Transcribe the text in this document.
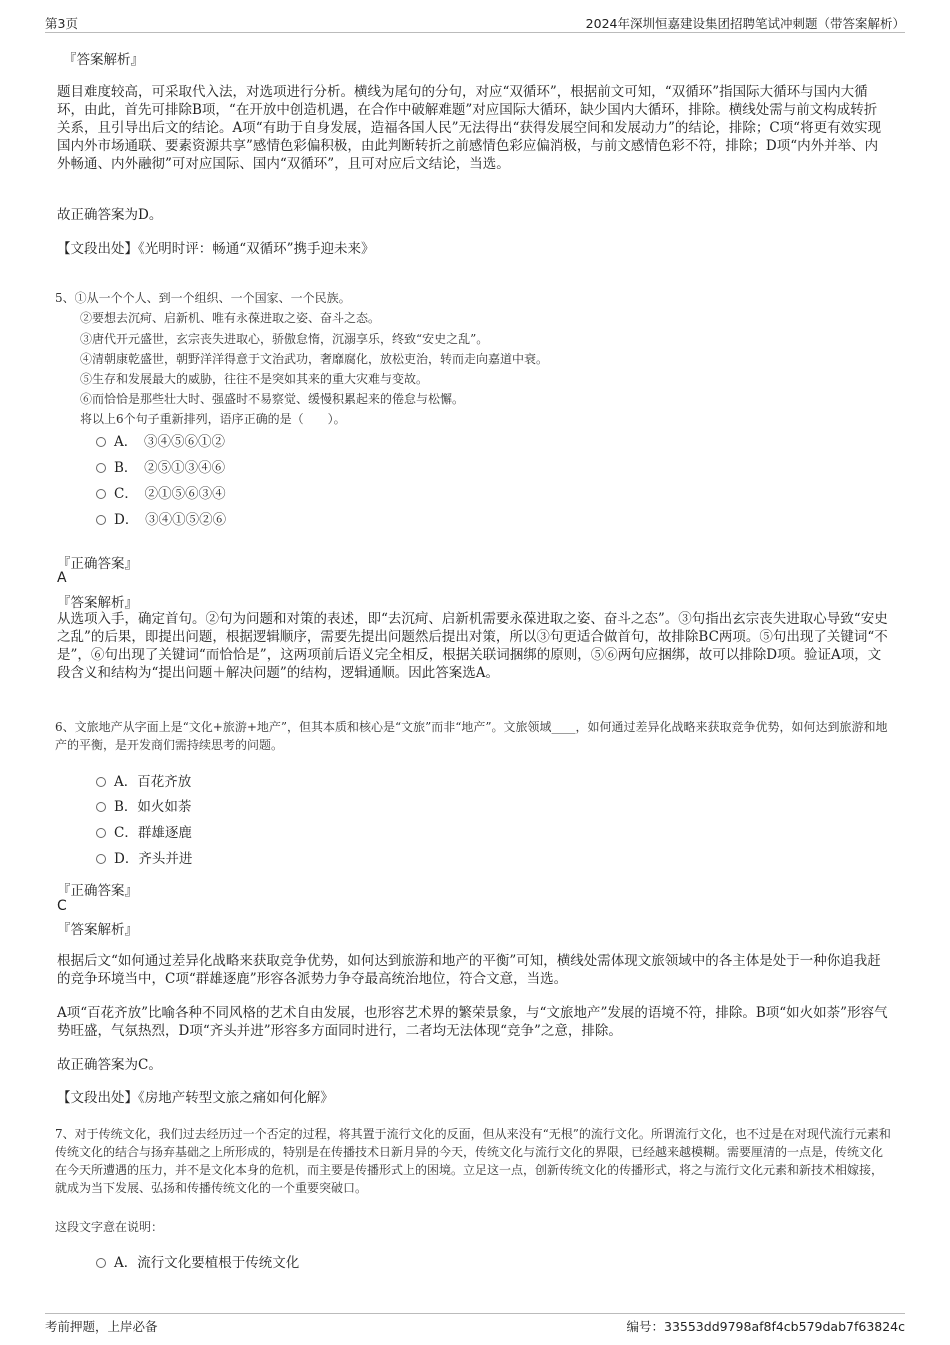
第3页	2024年深圳恒嘉建设集团招聘笔试冲刺题（带答案解析）
『答案解析』
题目难度较高，可采取代入法，对选项进行分析。横线为尾句的分句，对应“双循环”，根据前文可知，“双循环”指国际大循环与国内大循环，由此，首先可排除B项，“在开放中创造机遇，在合作中破解难题”对应国际大循环，缺少国内大循环，排除。横线处需与前文构成转折关系，且引导出后文的结论。A项“有助于自身发展，造福各国人民”无法得出“获得发展空间和发展动力”的结论，排除；C项“将更有效实现国内外市场通联、要素资源共享”感情色彩偏积极，由此判断转折之前感情色彩应偏消极，与前文感情色彩不符，排除；D项“内外并举、内外畅通、内外融彻”可对应国际、国内“双循环”，且可对应后文结论，当选。
故正确答案为D。
【文段出处】《光明时评：畅通“双循环”携手迎未来》
5、①从一个个人、到一个组织、一个国家、一个民族。
②要想去沉疴、启新机、唯有永葆进取之姿、奋斗之态。
③唐代开元盛世，玄宗丧失进取心，骄傲怠惰，沉溺享乐，终致“安史之乱”。
④清朝康乾盛世，朝野洋洋得意于文治武功，奢靡腐化，放松吏治，转而走向嘉道中衰。
⑤生存和发展最大的威胁，往往不是突如其来的重大灾难与变故。
⑥而恰恰是那些壮大时、强盛时不易察觉、缓慢积累起来的倦怠与松懈。
将以上6个句子重新排列，语序正确的是（　　）。
A．　③④⑤⑥①②
B．　②⑤①③④⑥
C．　②①⑤⑥③④
D．　③④①⑤②⑥
『正确答案』
A
『答案解析』
从选项入手，确定首句。②句为问题和对策的表述，即“去沉疴、启新机需要永葆进取之姿、奋斗之态”。③句指出玄宗丧失进取心导致“安史之乱”的后果，即提出问题，根据逻辑顺序，需要先提出问题然后提出对策，所以③句更适合做首句，故排除BC两项。⑤句出现了关键词“不是”，⑥句出现了关键词“而恰恰是”，这两项前后语义完全相反，根据关联词捆绑的原则，⑤⑥两句应捆绑，故可以排除D项。验证A项，文段含义和结构为“提出问题＋解决问题”的结构，逻辑通顺。因此答案选A。
6、文旅地产从字面上是“文化+旅游+地产”，但其本质和核心是“文旅”而非“地产”。文旅领域____，如何通过差异化战略来获取竞争优势，如何达到旅游和地产的平衡，是开发商们需持续思考的问题。
A．百花齐放
B．如火如荼
C．群雄逐鹿
D．齐头并进
『正确答案』
C
『答案解析』
根据后文“如何通过差异化战略来获取竞争优势，如何达到旅游和地产的平衡”可知，横线处需体现文旅领域中的各主体是处于一种你追我赶的竞争环境当中，C项“群雄逐鹿”形容各派势力争夺最高统治地位，符合文意，当选。
A项“百花齐放”比喻各种不同风格的艺术自由发展，也形容艺术界的繁荣景象，与“文旅地产”发展的语境不符，排除。B项“如火如荼”形容气势旺盛，气氛热烈，D项“齐头并进”形容多方面同时进行，二者均无法体现“竞争”之意，排除。
故正确答案为C。
【文段出处】《房地产转型文旅之痛如何化解》
7、对于传统文化，我们过去经历过一个否定的过程，将其置于流行文化的反面，但从来没有“无根”的流行文化。所谓流行文化，也不过是在对现代流行元素和传统文化的结合与扬弃基础之上所形成的，特别是在传播技术日新月异的今天，传统文化与流行文化的界限，已经越来越模糊。需要厘清的一点是，传统文化在今天所遭遇的压力，并不是文化本身的危机，而主要是传播形式上的困境。立足这一点，创新传统文化的传播形式，将之与流行文化元素和新技术相嫁接，就成为当下发展、弘扬和传播传统文化的一个重要突破口。
这段文字意在说明：
A．流行文化要植根于传统文化
考前押题，上岸必备	编号：33553dd9798af8f4cb579dab7f63824c
